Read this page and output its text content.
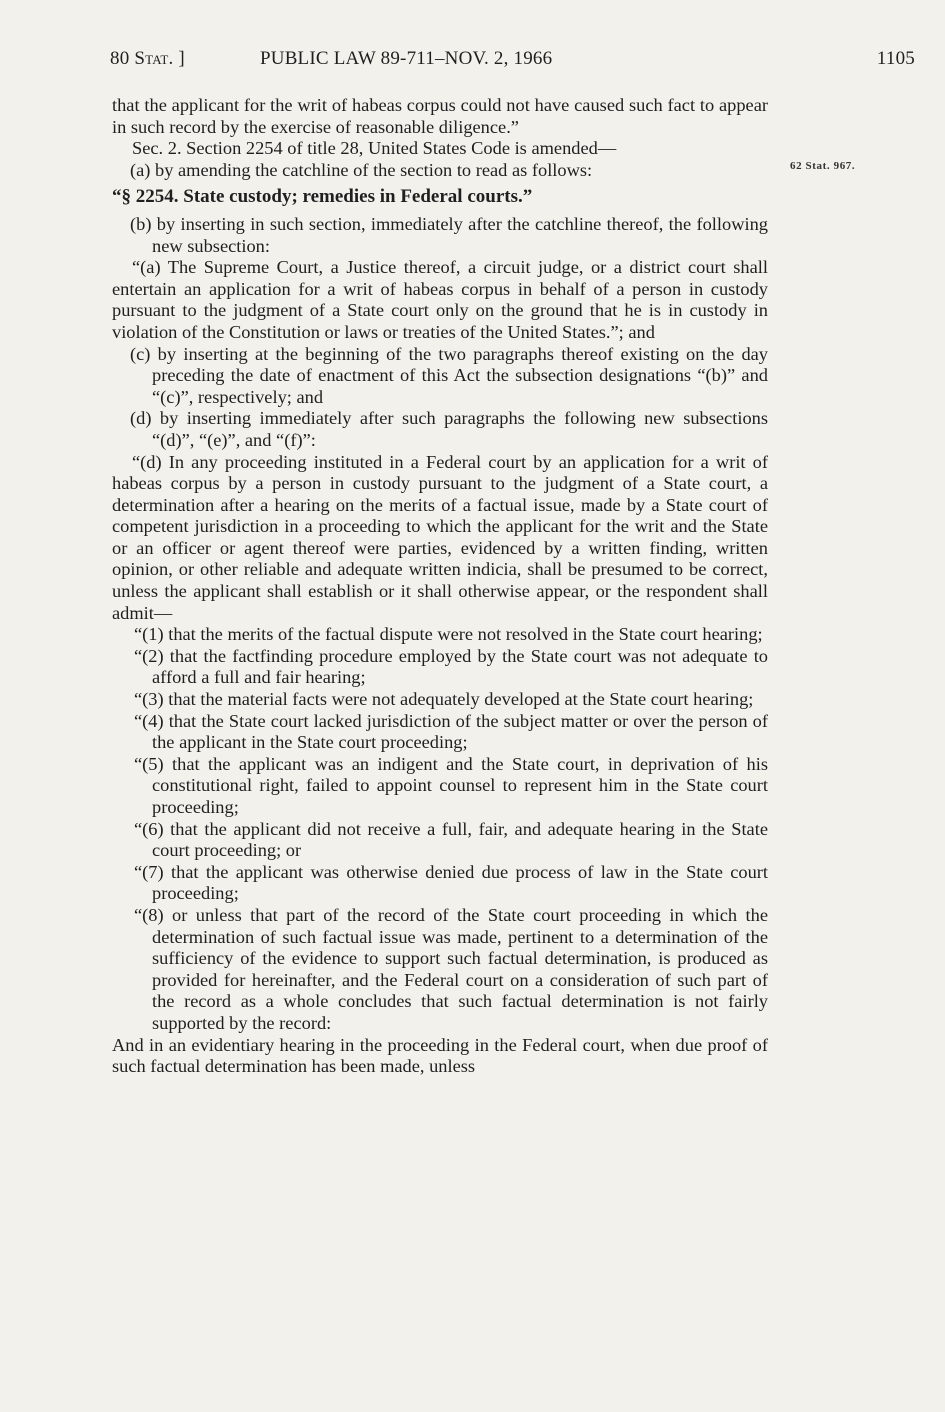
80 Stat. ]	PUBLIC LAW 89-711–NOV. 2, 1966	1105
62 Stat. 967.

that the applicant for the writ of habeas corpus could not have caused such fact to appear in such record by the exercise of reasonable diligence.”

Sec. 2. Section 2254 of title 28, United States Code is amended—

(a) by amending the catchline of the section to read as follows:

“§ 2254. State custody; remedies in Federal courts.”

(b) by inserting in such section, immediately after the catchline thereof, the following new subsection:

“(a) The Supreme Court, a Justice thereof, a circuit judge, or a district court shall entertain an application for a writ of habeas corpus in behalf of a person in custody pursuant to the judgment of a State court only on the ground that he is in custody in violation of the Constitution or laws or treaties of the United States.”; and

(c) by inserting at the beginning of the two paragraphs thereof existing on the day preceding the date of enactment of this Act the subsection designations “(b)” and “(c)”, respectively; and

(d) by inserting immediately after such paragraphs the following new subsections “(d)”, “(e)”, and “(f)”:

“(d) In any proceeding instituted in a Federal court by an application for a writ of habeas corpus by a person in custody pursuant to the judgment of a State court, a determination after a hearing on the merits of a factual issue, made by a State court of competent jurisdiction in a proceeding to which the applicant for the writ and the State or an officer or agent thereof were parties, evidenced by a written finding, written opinion, or other reliable and adequate written indicia, shall be presumed to be correct, unless the applicant shall establish or it shall otherwise appear, or the respondent shall admit—

“(1) that the merits of the factual dispute were not resolved in the State court hearing;

“(2) that the factfinding procedure employed by the State court was not adequate to afford a full and fair hearing;

“(3) that the material facts were not adequately developed at the State court hearing;

“(4) that the State court lacked jurisdiction of the subject matter or over the person of the applicant in the State court proceeding;

“(5) that the applicant was an indigent and the State court, in deprivation of his constitutional right, failed to appoint counsel to represent him in the State court proceeding;

“(6) that the applicant did not receive a full, fair, and adequate hearing in the State court proceeding; or

“(7) that the applicant was otherwise denied due process of law in the State court proceeding;

“(8) or unless that part of the record of the State court proceeding in which the determination of such factual issue was made, pertinent to a determination of the sufficiency of the evidence to support such factual determination, is produced as provided for hereinafter, and the Federal court on a consideration of such part of the record as a whole concludes that such factual determination is not fairly supported by the record:

And in an evidentiary hearing in the proceeding in the Federal court, when due proof of such factual determination has been made, unless
